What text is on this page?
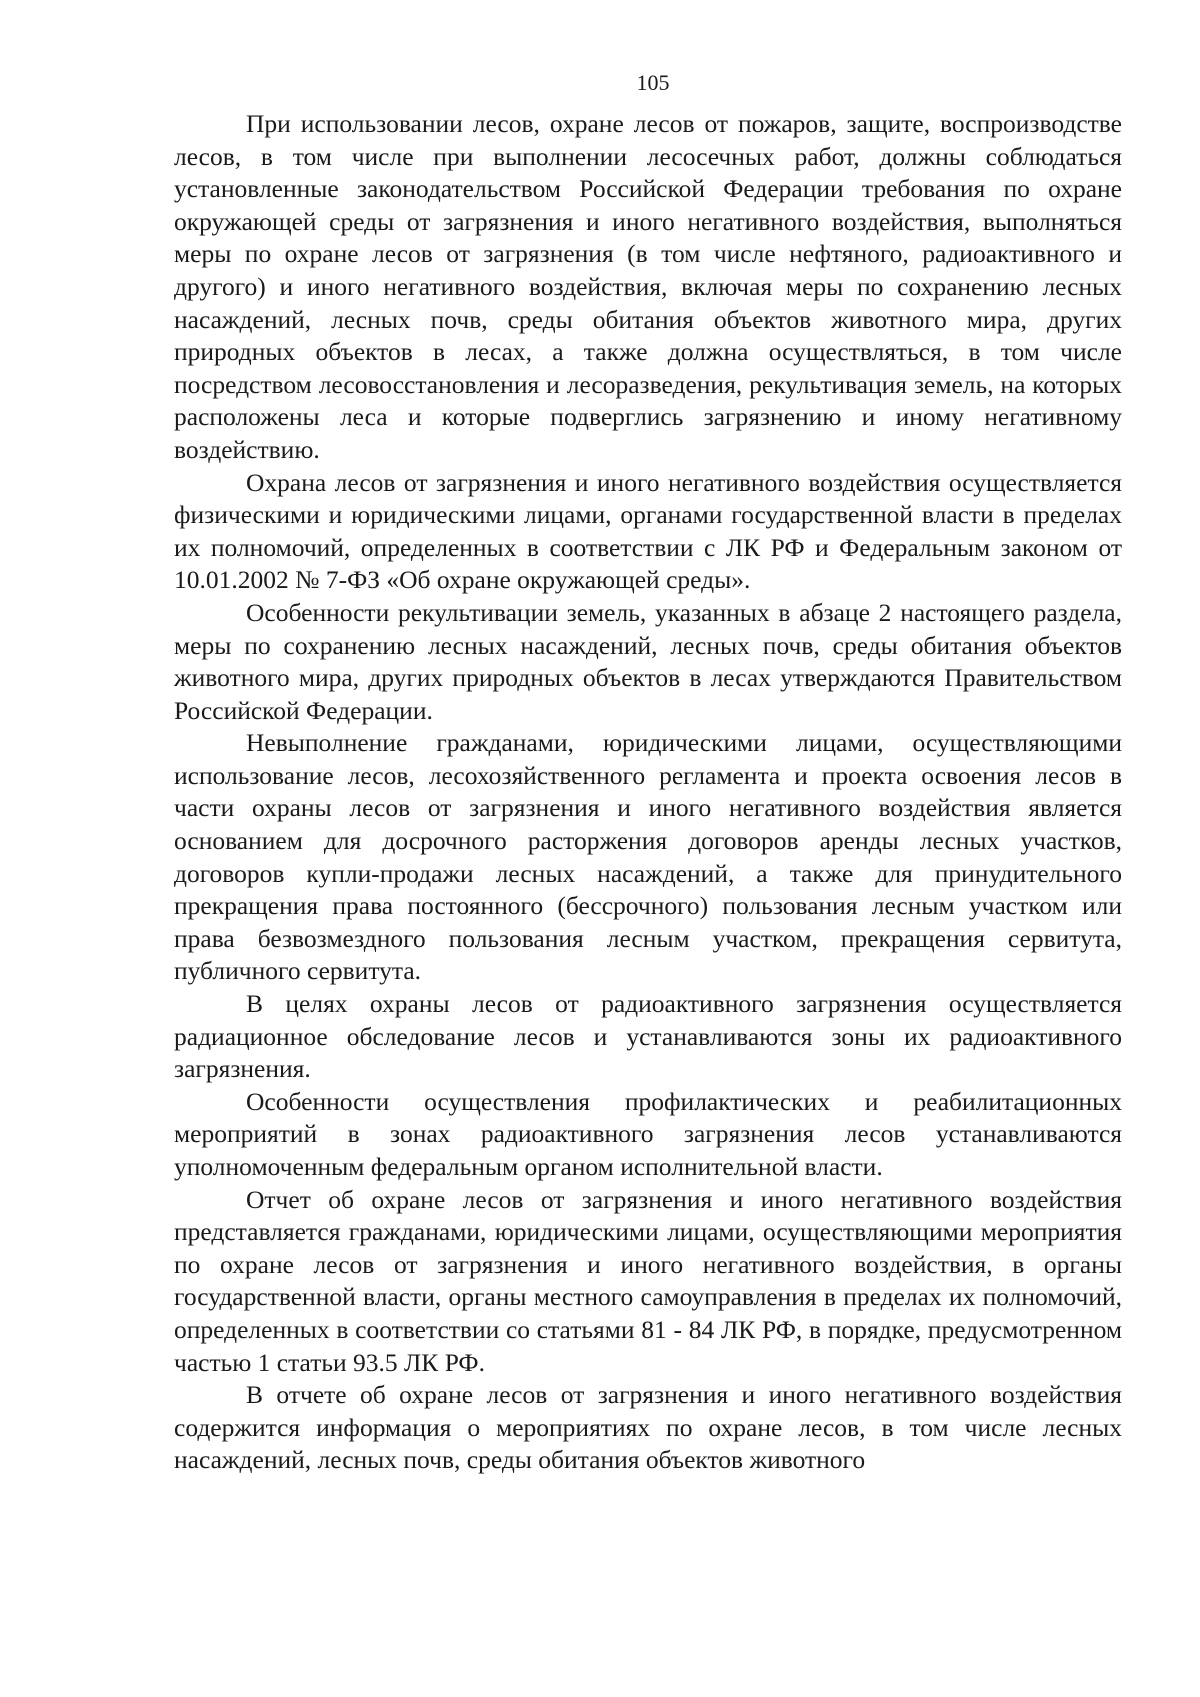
105

При использовании лесов, охране лесов от пожаров, защите, воспроизводстве лесов, в том числе при выполнении лесосечных работ, должны соблюдаться установленные законодательством Российской Федерации требования по охране окружающей среды от загрязнения и иного негативного воздействия, выполняться меры по охране лесов от загрязнения (в том числе нефтяного, радиоактивного и другого) и иного негативного воздействия, включая меры по сохранению лесных насаждений, лесных почв, среды обитания объектов животного мира, других природных объектов в лесах, а также должна осуществляться, в том числе посредством лесовосстановления и лесоразведения, рекультивация земель, на которых расположены леса и которые подверглись загрязнению и иному негативному воздействию.

Охрана лесов от загрязнения и иного негативного воздействия осуществляется физическими и юридическими лицами, органами государственной власти в пределах их полномочий, определенных в соответствии с ЛК РФ и Федеральным законом от 10.01.2002 № 7-ФЗ «Об охране окружающей среды».

Особенности рекультивации земель, указанных в абзаце 2 настоящего раздела, меры по сохранению лесных насаждений, лесных почв, среды обитания объектов животного мира, других природных объектов в лесах утверждаются Правительством Российской Федерации.

Невыполнение гражданами, юридическими лицами, осуществляющими использование лесов, лесохозяйственного регламента и проекта освоения лесов в части охраны лесов от загрязнения и иного негативного воздействия является основанием для досрочного расторжения договоров аренды лесных участков, договоров купли-продажи лесных насаждений, а также для принудительного прекращения права постоянного (бессрочного) пользования лесным участком или права безвозмездного пользования лесным участком, прекращения сервитута, публичного сервитута.

В целях охраны лесов от радиоактивного загрязнения осуществляется радиационное обследование лесов и устанавливаются зоны их радиоактивного загрязнения.

Особенности осуществления профилактических и реабилитационных мероприятий в зонах радиоактивного загрязнения лесов устанавливаются уполномоченным федеральным органом исполнительной власти.

Отчет об охране лесов от загрязнения и иного негативного воздействия представляется гражданами, юридическими лицами, осуществляющими мероприятия по охране лесов от загрязнения и иного негативного воздействия, в органы государственной власти, органы местного самоуправления в пределах их полномочий, определенных в соответствии со статьями 81 - 84 ЛК РФ, в порядке, предусмотренном частью 1 статьи 93.5 ЛК РФ.

В отчете об охране лесов от загрязнения и иного негативного воздействия содержится информация о мероприятиях по охране лесов, в том числе лесных насаждений, лесных почв, среды обитания объектов животного
